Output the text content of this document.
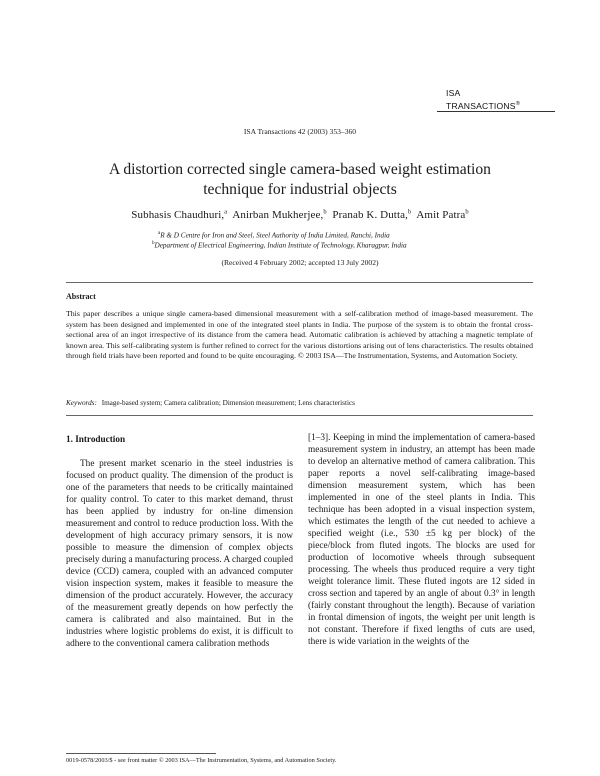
ISA
TRANSACTIONS®
ISA Transactions 42 (2003) 353–360
A distortion corrected single camera-based weight estimation
technique for industrial objects
Subhasis Chaudhuri,$^a$ Anirban Mukherjee,$^b$ Pranab K. Dutta,$^b$ Amit Patra$^b$
$^a$R & D Centre for Iron and Steel, Steel Authority of India Limited, Ranchi, India
$^b$Department of Electrical Engineering, Indian Institute of Technology, Kharagpur, India
(Received 4 February 2002; accepted 13 July 2002)
Abstract
This paper describes a unique single camera-based dimensional measurement with a self-calibration method of image-based measurement. The system has been designed and implemented in one of the integrated steel plants in India. The purpose of the system is to obtain the frontal cross-sectional area of an ingot irrespective of its distance from the camera head. Automatic calibration is achieved by attaching a magnetic template of known area. This self-calibrating system is further refined to correct for the various distortions arising out of lens characteristics. The results obtained through field trials have been reported and found to be quite encouraging. © 2003 ISA—The Instrumentation, Systems, and Automation Society.
Keywords: Image-based system; Camera calibration; Dimension measurement; Lens characteristics
1. Introduction
The present market scenario in the steel industries is focused on product quality. The dimension of the product is one of the parameters that needs to be critically maintained for quality control. To cater to this market demand, thrust has been applied by industry for on-line dimension measurement and control to reduce production loss. With the development of high accuracy primary sensors, it is now possible to measure the dimension of complex objects precisely during a manufacturing process. A charged coupled device (CCD) camera, coupled with an advanced computer vision inspection system, makes it feasible to measure the dimension of the product accurately. However, the accuracy of the measurement greatly depends on how perfectly the camera is calibrated and also maintained. But in the industries where logistic problems do exist, it is difficult to adhere to the conventional camera calibration methods
[1–3]. Keeping in mind the implementation of camera-based measurement system in industry, an attempt has been made to develop an alternative method of camera calibration. This paper reports a novel self-calibrating image-based dimension measurement system, which has been implemented in one of the steel plants in India. This technique has been adopted in a visual inspection system, which estimates the length of the cut needed to achieve a specified weight (i.e., 530 ±5 kg per block) of the piece/block from fluted ingots. The blocks are used for production of locomotive wheels through subsequent processing. The wheels thus produced require a very tight weight tolerance limit. These fluted ingots are 12 sided in cross section and tapered by an angle of about 0.3° in length (fairly constant throughout the length). Because of variation in frontal dimension of ingots, the weight per unit length is not constant. Therefore if fixed lengths of cuts are used, there is wide variation in the weights of the
0019-0578/2003/$ - see front matter © 2003 ISA—The Instrumentation, Systems, and Automation Society.
